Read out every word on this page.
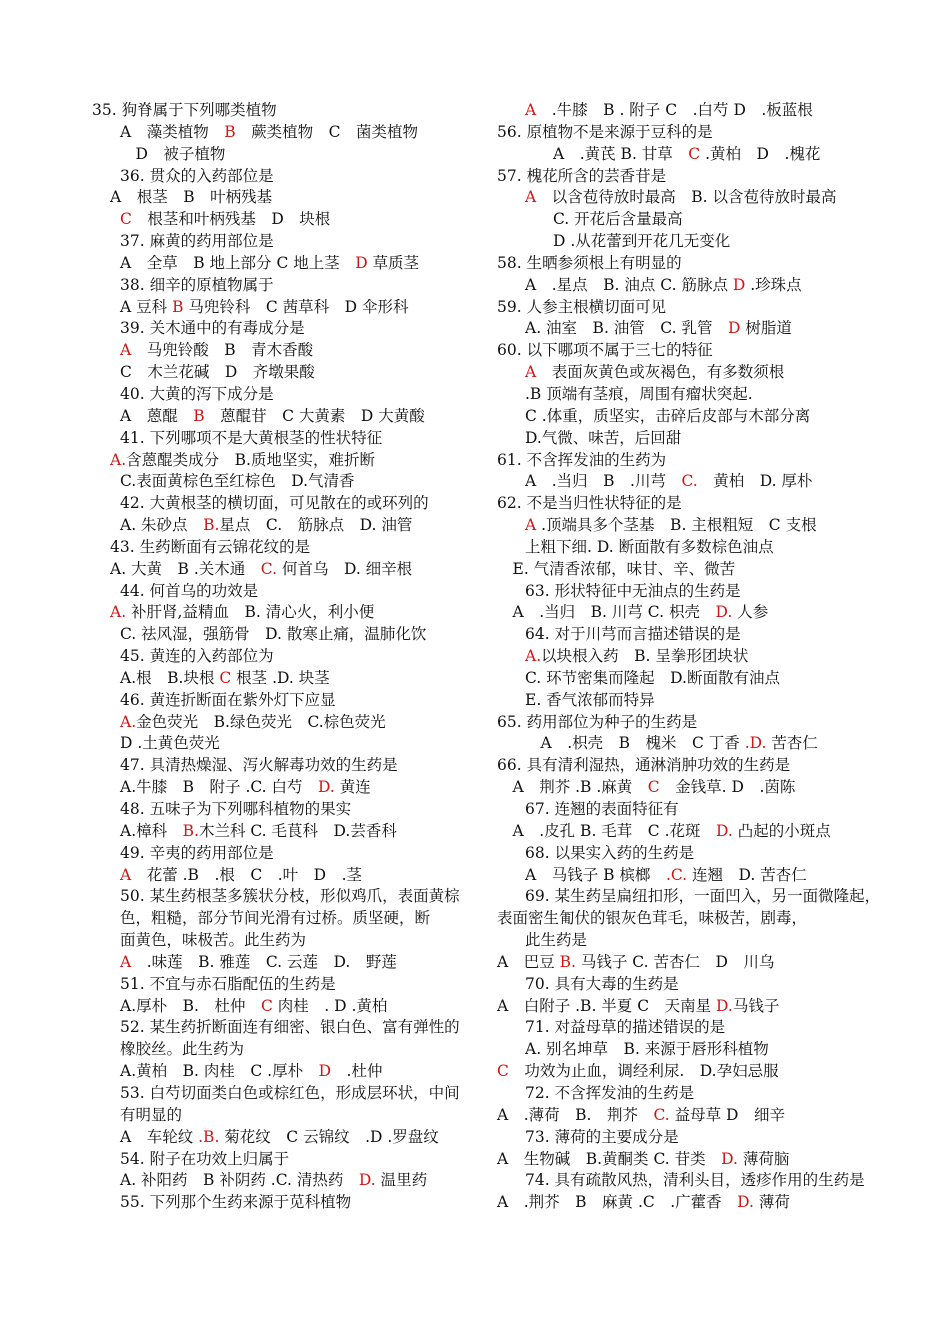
35. 狗脊属于下列哪类植物
A　藻类植物　B　蕨类植物　C　菌类植物
　D　被子植物
36. 贯众的入药部位是
A　根茎　B　叶柄残基
C　根茎和叶柄残基　D　块根
37. 麻黄的药用部位是
A　全草　B 地上部分 C 地上茎　D 草质茎
38. 细辛的原植物属于
A 豆科 B 马兜铃科　C 茜草科　D 伞形科
39. 关木通中的有毒成分是
A　马兜铃酸　B　青木香酸
C　木兰花碱　D　齐墩果酸
40. 大黄的泻下成分是
A　蒽醌　B　蒽醌苷　C 大黄素　D 大黄酸
41. 下列哪项不是大黄根茎的性状特征
A.含蒽醌类成分　B.质地坚实，难折断
C.表面黄棕色至红棕色　D.气清香
42. 大黄根茎的横切面，可见散在的或环列的
A. 朱砂点　B.星点　C.　筋脉点　D. 油管
43. 生药断面有云锦花纹的是
A. 大黄　B .关木通　C. 何首乌　D. 细辛根
44. 何首乌的功效是
A. 补肝肾,益精血　B. 清心火，利小便
C. 祛风湿，强筋骨　D. 散寒止痛，温肺化饮
45. 黄连的入药部位为
A.根　B.块根 C 根茎 .D. 块茎
46. 黄连折断面在紫外灯下应显
A.金色荧光　B.绿色荧光　C.棕色荧光
D .土黄色荧光
47. 具清热燥湿、泻火解毒功效的生药是
A.牛膝　B　附子 .C. 白芍　D. 黄连
48. 五味子为下列哪科植物的果实
A.樟科　B.木兰科 C. 毛茛科　D.芸香科
49. 辛夷的药用部位是
A　花蕾 .B　.根　C　.叶　D　.茎
50. 某生药根茎多簇状分枝，形似鸡爪，表面黄棕
色，粗糙，部分节间光滑有过桥。质坚硬，断
面黄色，味极苦。此生药为
A　.味莲　B. 雅莲　C. 云莲　D.　野莲
51. 不宜与赤石脂配伍的生药是
A.厚朴　B.　杜仲　C 肉桂　. D .黄柏
52. 某生药折断面连有细密、银白色、富有弹性的
橡胶丝。此生药为
A.黄柏　B. 肉桂　C .厚朴　D　.杜仲
53. 白芍切面类白色或棕红色，形成层环状，中间
有明显的
A　车轮纹 .B. 菊花纹　C 云锦纹　.D .罗盘纹
54. 附子在功效上归属于
A. 补阳药　B 补阴药 .C. 清热药　D. 温里药
55. 下列那个生药来源于苋科植物
A　.牛膝　B . 附子 C　.白芍 D　.板蓝根
56. 原植物不是来源于豆科的是
A　.黄芪 B. 甘草　C .黄柏　D　.槐花
57. 槐花所含的芸香苷是
A　以含苞待放时最高　B. 以含苞待放时最高
C. 开花后含量最高
D .从花蕾到开花几无变化
58. 生晒参须根上有明显的
A　.星点　B. 油点 C. 筋脉点 D .珍珠点
59. 人参主根横切面可见
A. 油室　B. 油管　C. 乳管　D 树脂道
60. 以下哪项不属于三七的特征
A　表面灰黄色或灰褐色，有多数须根
.B 顶端有茎痕，周围有瘤状突起.
C .体重，质坚实，击碎后皮部与木部分离
D.气微、味苦，后回甜
61. 不含挥发油的生药为
A　.当归　B　.川芎　C.　黄柏　D. 厚朴
62. 不是当归性状特征的是
A .顶端具多个茎基　B. 主根粗短　C 支根
上粗下细. D. 断面散有多数棕色油点
　E. 气清香浓郁，味甘、辛、微苦
63. 形状特征中无油点的生药是
　A　.当归　B. 川芎 C. 枳壳　D. 人参
64. 对于川芎而言描述错误的是
A.以块根入药　B. 呈拳形团块状
C. 环节密集而隆起　D.断面散有油点
E. 香气浓郁而特异
65. 药用部位为种子的生药是
　A　.枳壳　B　槐米　C 丁香 .D. 苦杏仁
66. 具有清利湿热，通淋消肿功效的生药是
　A　荆芥 .B .麻黄　C　金钱草. D　.茵陈
67. 连翘的表面特征有
　A　.皮孔 B. 毛茸　C .花斑　D. 凸起的小斑点
68. 以果实入药的生药是
A　马钱子 B 槟榔　.C. 连翘　D. 苦杏仁
69. 某生药呈扁纽扣形，一面凹入，另一面微隆起，
表面密生匍伏的银灰色茸毛，味极苦，剧毒，
此生药是
A　巴豆 B. 马钱子 C. 苦杏仁　D　川乌
70. 具有大毒的生药是
A　白附子 .B. 半夏 C　天南星 D.马钱子
71. 对益母草的描述错误的是
A. 别名坤草　B. 来源于唇形科植物
C　功效为止血，调经利尿.　D.孕妇忌服
72. 不含挥发油的生药是
A　.薄荷　B.　荆芥　C. 益母草 D　细辛
73. 薄荷的主要成分是
A　生物碱　B.黄酮类 C. 苷类　D. 薄荷脑
74. 具有疏散风热，清利头目，透疹作用的生药是
A　.荆芥　B　麻黄 .C　.广藿香　D. 薄荷
